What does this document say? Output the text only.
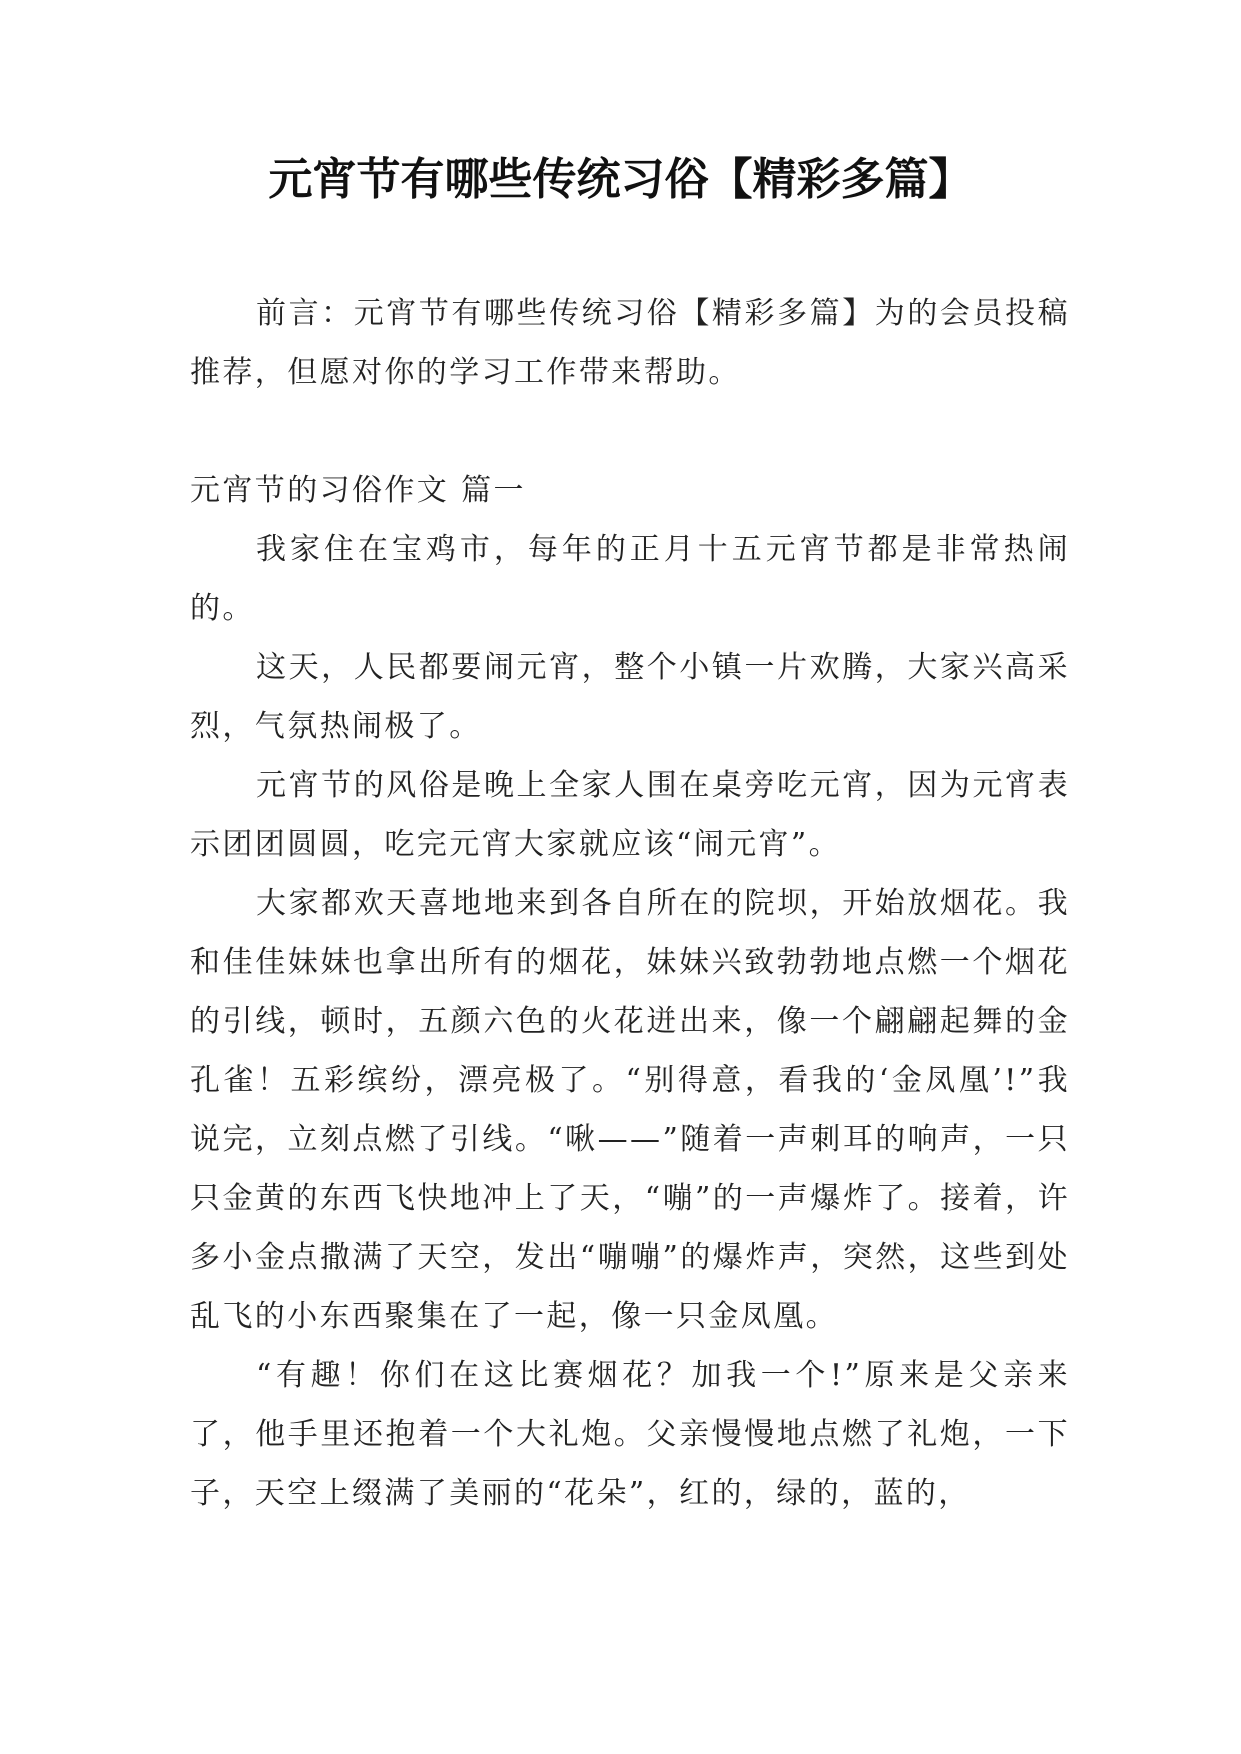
元宵节有哪些传统习俗【精彩多篇】

前言：元宵节有哪些传统习俗【精彩多篇】为的会员投稿推荐，但愿对你的学习工作带来帮助。

元宵节的习俗作文 篇一

我家住在宝鸡市，每年的正月十五元宵节都是非常热闹的。

这天，人民都要闹元宵，整个小镇一片欢腾，大家兴高采烈，气氛热闹极了。

元宵节的风俗是晚上全家人围在桌旁吃元宵，因为元宵表示团团圆圆，吃完元宵大家就应该“闹元宵”。

大家都欢天喜地地来到各自所在的院坝，开始放烟花。我和佳佳妹妹也拿出所有的烟花，妹妹兴致勃勃地点燃一个烟花的引线，顿时，五颜六色的火花迸出来，像一个翩翩起舞的金孔雀！五彩缤纷，漂亮极了。“别得意，看我的‘金凤凰’!”我说完，立刻点燃了引线。“啾——”随着一声刺耳的响声，一只只金黄的东西飞快地冲上了天，“嘣”的一声爆炸了。接着，许多小金点撒满了天空，发出“嘣嘣”的爆炸声，突然，这些到处乱飞的小东西聚集在了一起，像一只金凤凰。

“有趣！你们在这比赛烟花？加我一个!”原来是父亲来了，他手里还抱着一个大礼炮。父亲慢慢地点燃了礼炮，一下子，天空上缀满了美丽的“花朵”，红的，绿的，蓝的，
